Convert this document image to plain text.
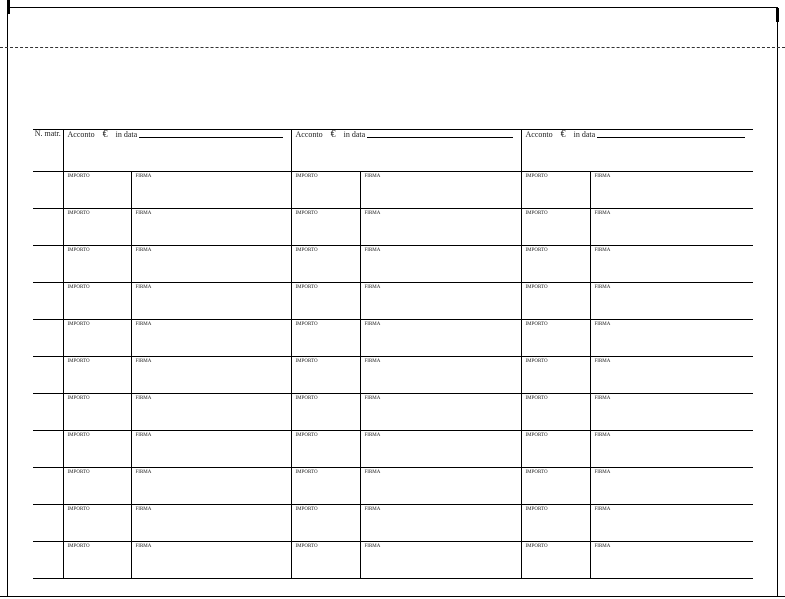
N. matr.	Acconto € in data		Acconto € in data		Acconto € in data	

	IMPORTO	FIRMA	IMPORTO	FIRMA	IMPORTO	FIRMA

	IMPORTO	FIRMA	IMPORTO	FIRMA	IMPORTO	FIRMA

	IMPORTO	FIRMA	IMPORTO	FIRMA	IMPORTO	FIRMA

	IMPORTO	FIRMA	IMPORTO	FIRMA	IMPORTO	FIRMA

	IMPORTO	FIRMA	IMPORTO	FIRMA	IMPORTO	FIRMA

	IMPORTO	FIRMA	IMPORTO	FIRMA	IMPORTO	FIRMA

	IMPORTO	FIRMA	IMPORTO	FIRMA	IMPORTO	FIRMA

	IMPORTO	FIRMA	IMPORTO	FIRMA	IMPORTO	FIRMA

	IMPORTO	FIRMA	IMPORTO	FIRMA	IMPORTO	FIRMA

	IMPORTO	FIRMA	IMPORTO	FIRMA	IMPORTO	FIRMA

	IMPORTO	FIRMA	IMPORTO	FIRMA	IMPORTO	FIRMA
